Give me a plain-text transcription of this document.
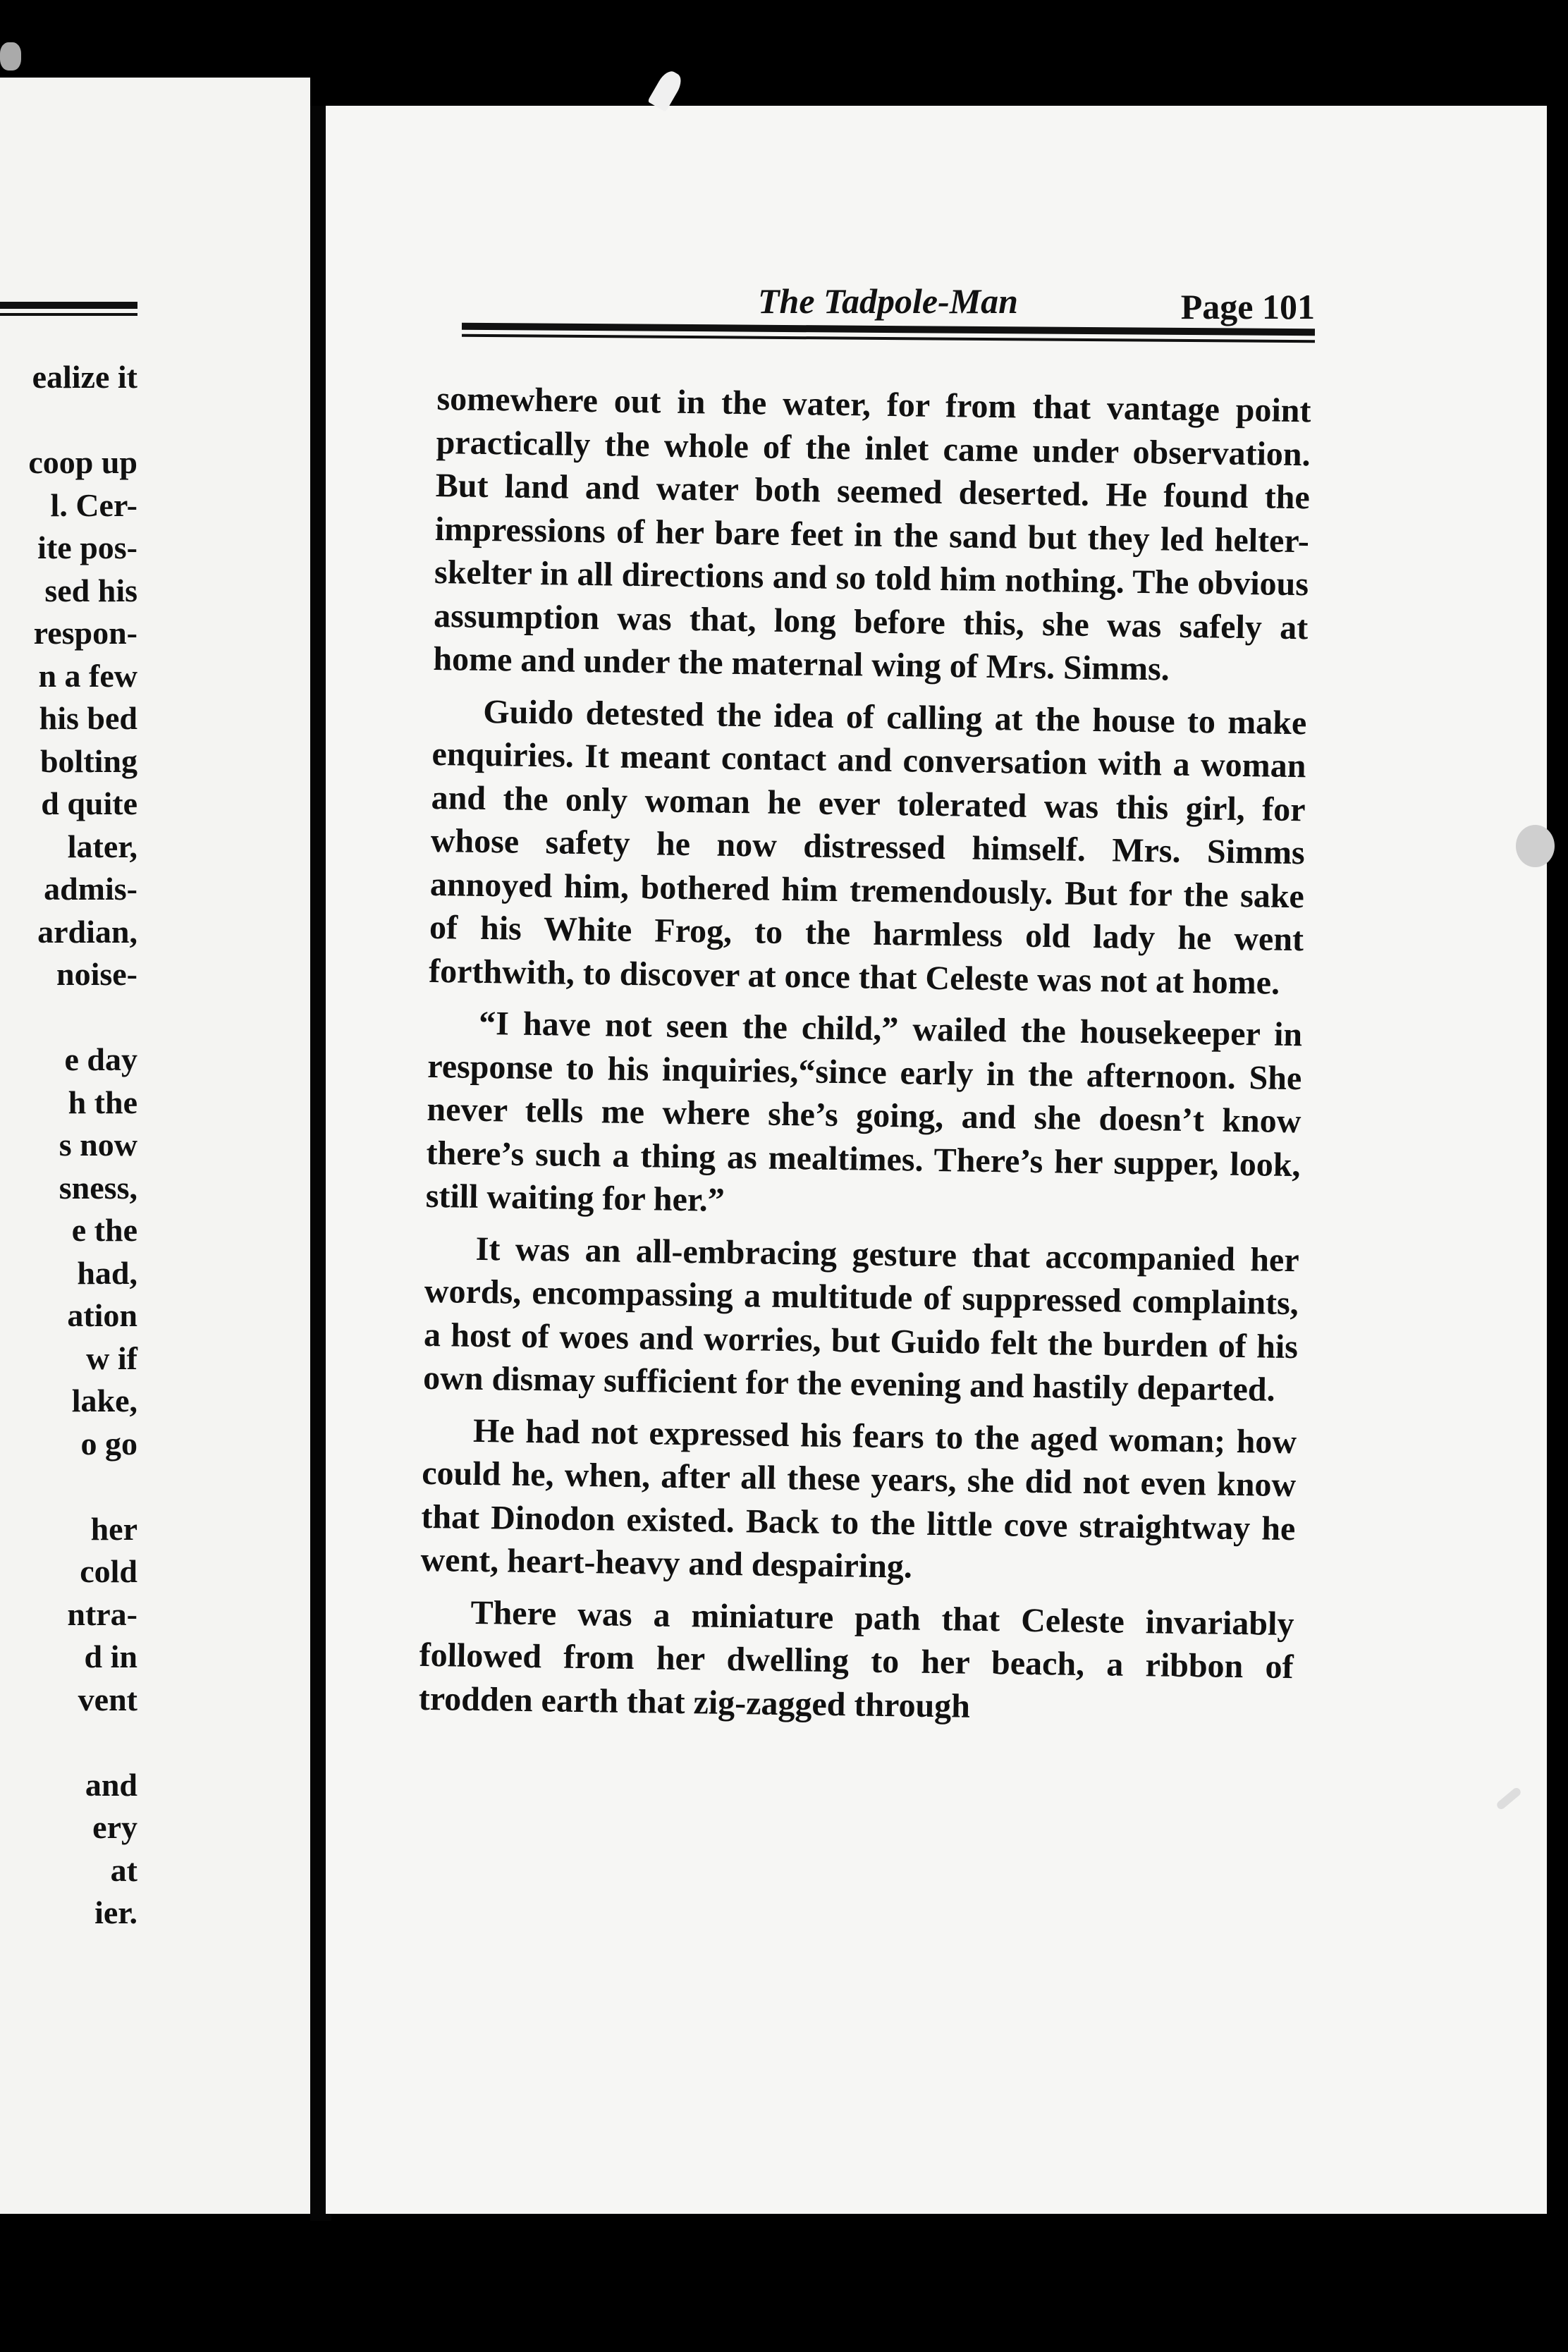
ealize it
coop up
l. Cer-
ite pos-
sed his
respon-
n a few
his bed
bolting
d quite
later,
admis-
ardian,
noise-
e day
h the
s now
sness,
e the
had,
ation
w if
lake,
o go
her
cold
ntra-
d in
vent
and
ery
at
ier.
The Tadpole-Man	Page 101

somewhere out in the water, for from that vantage point practically the whole of the inlet came under observation. But land and water both seemed deserted. He found the impressions of her bare feet in the sand but they led helter-skelter in all directions and so told him nothing. The obvious assumption was that, long before this, she was safely at home and under the maternal wing of Mrs. Simms.

Guido detested the idea of calling at the house to make enquiries. It meant contact and conversation with a woman and the only woman he ever tolerated was this girl, for whose safety he now distressed himself. Mrs. Simms annoyed him, bothered him tremendously. But for the sake of his White Frog, to the harmless old lady he went forthwith, to discover at once that Celeste was not at home.

“I have not seen the child,” wailed the housekeeper in response to his inquiries,“since early in the afternoon. She never tells me where she’s going, and she doesn’t know there’s such a thing as mealtimes. There’s her supper, look, still waiting for her.”

It was an all-embracing gesture that accompanied her words, encompassing a multitude of suppressed complaints, a host of woes and worries, but Guido felt the burden of his own dismay sufficient for the evening and hastily departed.

He had not expressed his fears to the aged woman; how could he, when, after all these years, she did not even know that Dinodon existed. Back to the little cove straightway he went, heart-heavy and despairing.

There was a miniature path that Celeste invariably followed from her dwelling to her beach, a ribbon of trodden earth that zig-zagged through
